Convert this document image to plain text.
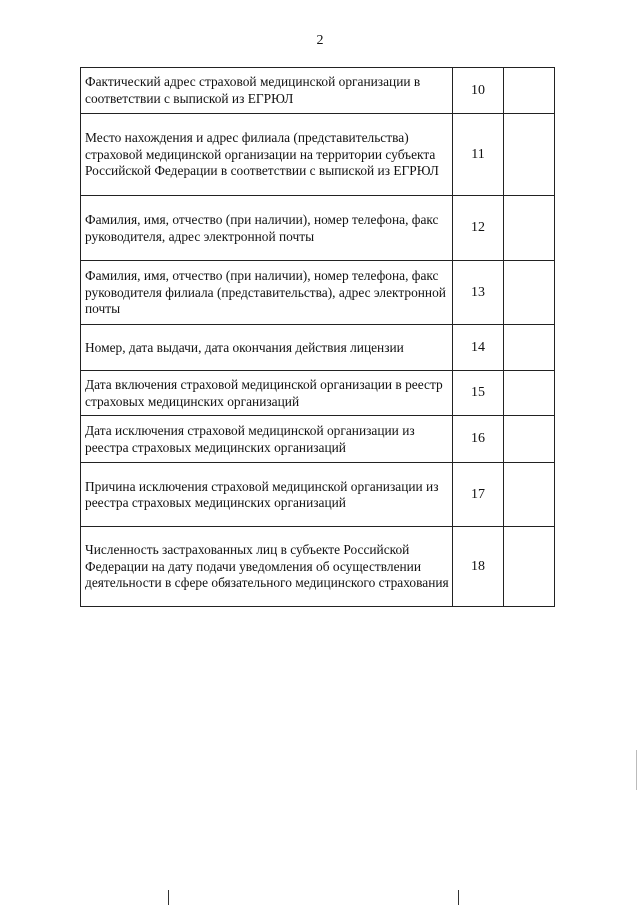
2
Фактический адрес страховой медицинской организации в соответствии с выпиской из ЕГРЮЛ	10	
Место нахождения и адрес филиала (представительства) страховой медицинской организации на территории субъекта Российской Федерации в соответствии с выпиской из ЕГРЮЛ	11	
Фамилия, имя, отчество (при наличии), номер телефона, факс руководителя, адрес электронной почты	12	
Фамилия, имя, отчество (при наличии), номер телефона, факс руководителя филиала (представительства), адрес электронной почты	13	
Номер, дата выдачи, дата окончания действия лицензии	14	
Дата включения страховой медицинской организации в реестр страховых медицинских организаций	15	
Дата исключения страховой медицинской организации из реестра страховых медицинских организаций	16	
Причина исключения страховой медицинской организации из реестра страховых медицинских организаций	17	
Численность застрахованных лиц в субъекте Российской Федерации на дату подачи уведомления об осуществлении деятельности в сфере обязательного медицинского страхования	18	
